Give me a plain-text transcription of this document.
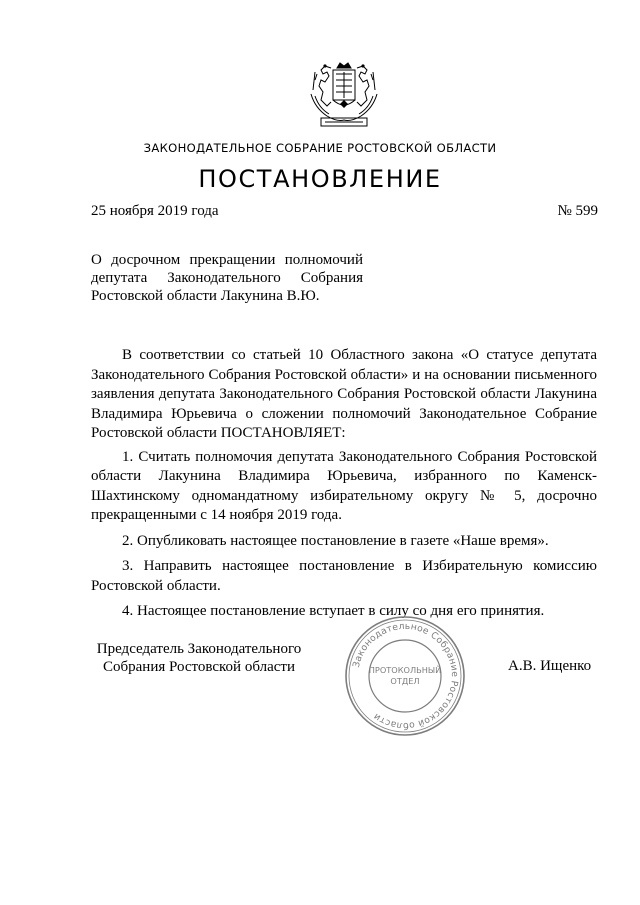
ЗАКОНОДАТЕЛЬНОЕ СОБРАНИЕ РОСТОВСКОЙ ОБЛАСТИ
ПОСТАНОВЛЕНИЕ
25 ноября 2019 года	№ 599
О досрочном прекращении полномочий
депутата Законодательного Собрания
Ростовской области Лакунина В.Ю.

В соответствии со статьей 10 Областного закона «О статусе депутата Законодательного Собрания Ростовской области» и на основании письменного заявления депутата Законодательного Собрания Ростовской области Лакунина Владимира Юрьевича о сложении полномочий Законодательное Собрание Ростовской области ПОСТАНОВЛЯЕТ:

1. Считать полномочия депутата Законодательного Собрания Ростовской области Лакунина Владимира Юрьевича, избранного по Каменск-Шахтинскому одномандатному избирательному округу № 5, досрочно прекращенными с 14 ноября 2019 года.

2. Опубликовать настоящее постановление в газете «Наше время».

3. Направить настоящее постановление в Избирательную комиссию Ростовской области.

4. Настоящее постановление вступает в силу со дня его принятия.

Председатель Законодательного
Собрания Ростовской области	А.В. Ищенко
Законодательное Собрание Ростовской области
ПРОТОКОЛЬНЫЙ
ОТДЕЛ
